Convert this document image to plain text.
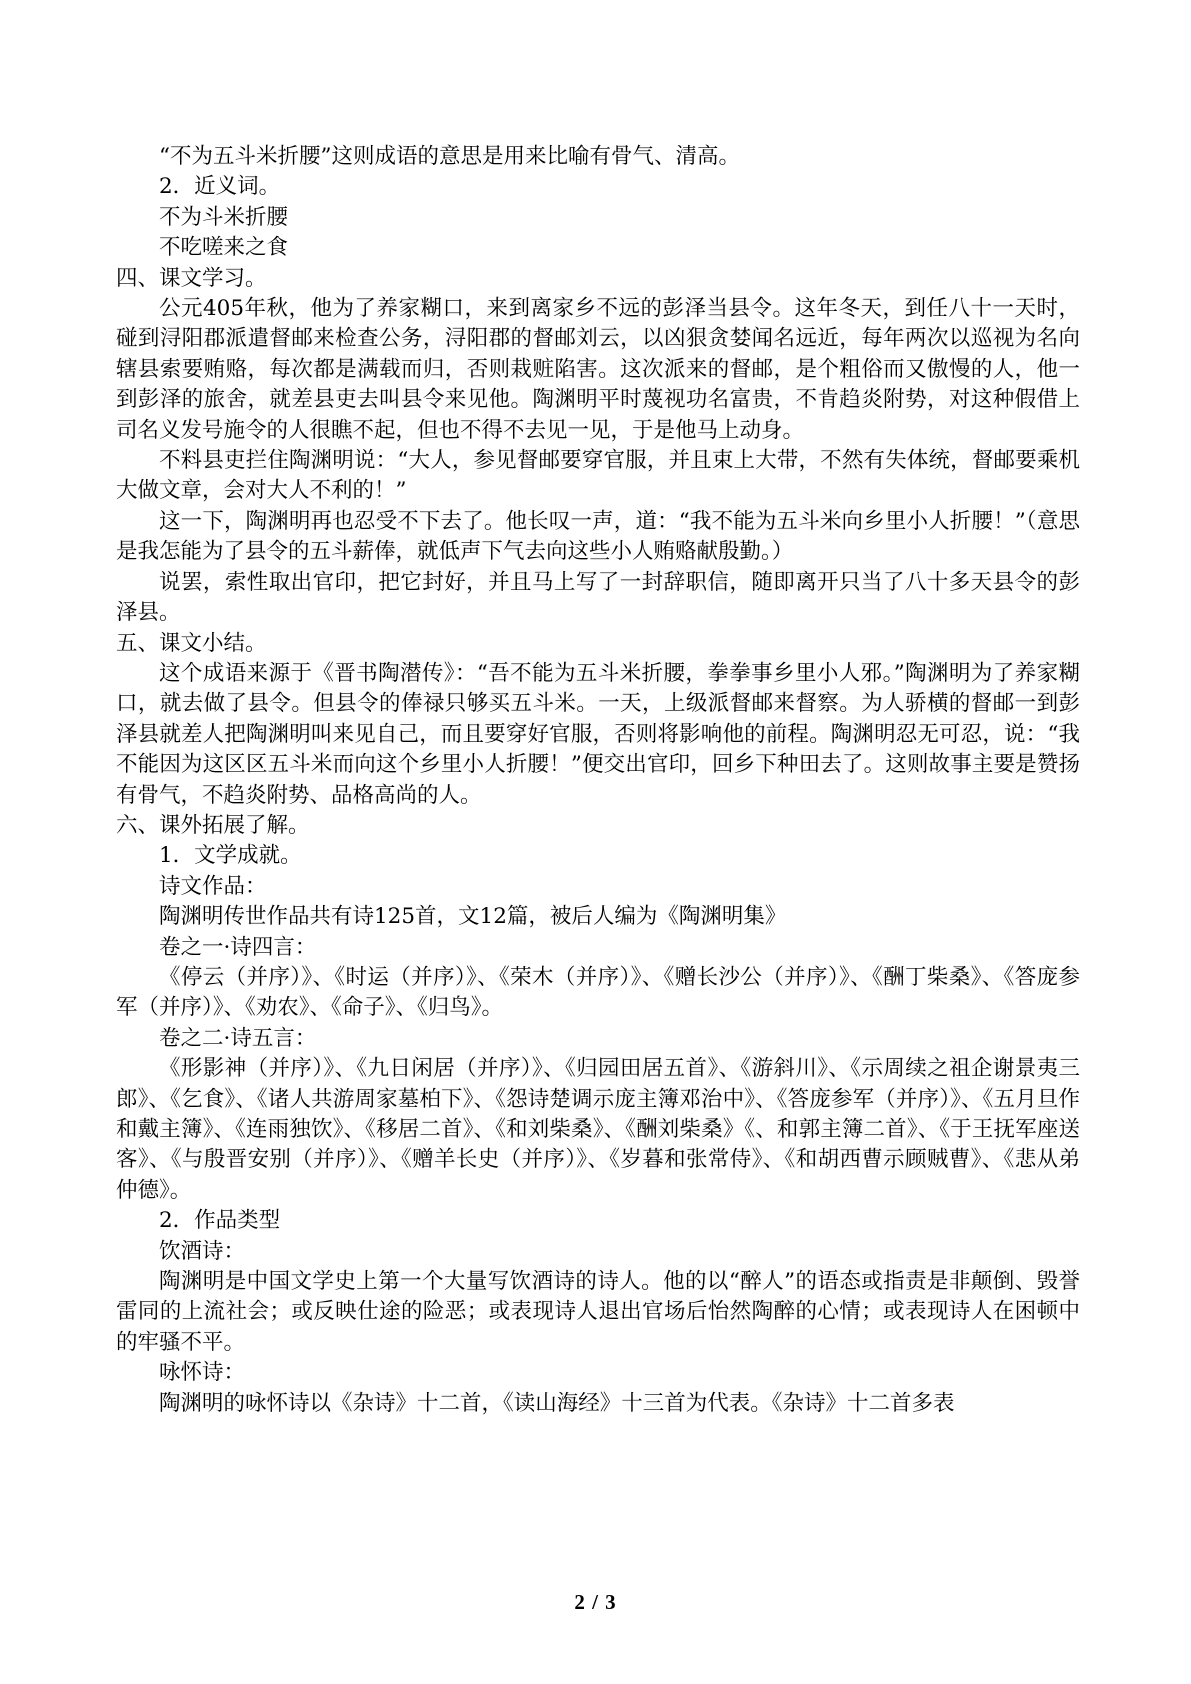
“不为五斗米折腰”这则成语的意思是用来比喻有骨气、清高。

2．近义词。

不为斗米折腰

不吃嗟来之食

四、课文学习。

公元405年秋，他为了养家糊口，来到离家乡不远的彭泽当县令。这年冬天，到任八十一天时，碰到浔阳郡派遣督邮来检查公务，浔阳郡的督邮刘云，以凶狠贪婪闻名远近，每年两次以巡视为名向辖县索要贿赂，每次都是满载而归，否则栽赃陷害。这次派来的督邮，是个粗俗而又傲慢的人，他一到彭泽的旅舍，就差县吏去叫县令来见他。陶渊明平时蔑视功名富贵，不肯趋炎附势，对这种假借上司名义发号施令的人很瞧不起，但也不得不去见一见，于是他马上动身。

不料县吏拦住陶渊明说：“大人，参见督邮要穿官服，并且束上大带，不然有失体统，督邮要乘机大做文章，会对大人不利的！”

这一下，陶渊明再也忍受不下去了。他长叹一声，道：“我不能为五斗米向乡里小人折腰！”（意思是我怎能为了县令的五斗薪俸，就低声下气去向这些小人贿赂献殷勤。）

说罢，索性取出官印，把它封好，并且马上写了一封辞职信，随即离开只当了八十多天县令的彭泽县。

五、课文小结。

这个成语来源于《晋书陶潜传》：“吾不能为五斗米折腰，拳拳事乡里小人邪。”陶渊明为了养家糊口，就去做了县令。但县令的俸禄只够买五斗米。一天，上级派督邮来督察。为人骄横的督邮一到彭泽县就差人把陶渊明叫来见自己，而且要穿好官服，否则将影响他的前程。陶渊明忍无可忍，说：“我不能因为这区区五斗米而向这个乡里小人折腰！”便交出官印，回乡下种田去了。这则故事主要是赞扬有骨气，不趋炎附势、品格高尚的人。

六、课外拓展了解。

1．文学成就。

诗文作品：

陶渊明传世作品共有诗125首，文12篇，被后人编为《陶渊明集》

卷之一·诗四言：

《停云（并序）》、《时运（并序）》、《荣木（并序）》、《赠长沙公（并序）》、《酬丁柴桑》、《答庞参军（并序）》、《劝农》、《命子》、《归鸟》。

卷之二·诗五言：

《形影神（并序）》、《九日闲居（并序）》、《归园田居五首》、《游斜川》、《示周续之祖企谢景夷三郎》、《乞食》、《诸人共游周家墓柏下》、《怨诗楚调示庞主簿邓治中》、《答庞参军（并序）》、《五月旦作和戴主簿》、《连雨独饮》、《移居二首》、《和刘柴桑》、《酬刘柴桑》《、和郭主簿二首》、《于王抚军座送客》、《与殷晋安别（并序）》、《赠羊长史（并序）》、《岁暮和张常侍》、《和胡西曹示顾贼曹》、《悲从弟仲德》。

2．作品类型

饮酒诗：

陶渊明是中国文学史上第一个大量写饮酒诗的诗人。他的以“醉人”的语态或指责是非颠倒、毁誉雷同的上流社会；或反映仕途的险恶；或表现诗人退出官场后怡然陶醉的心情；或表现诗人在困顿中的牢骚不平。

咏怀诗：

陶渊明的咏怀诗以《杂诗》十二首，《读山海经》十三首为代表。《杂诗》十二首多表

2 / 3
